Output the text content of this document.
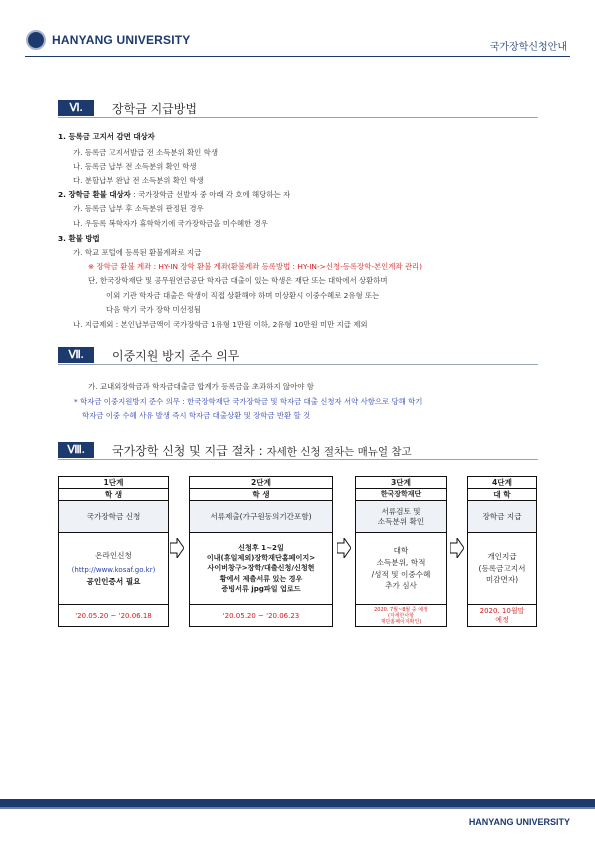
HANYANG UNIVERSITY
국가장학신청안내
Ⅵ.	장학금 지급방법
1. 등록금 고지서 감면 대상자
가. 등록금 고지서발급 전 소득분위 확인 학생
나. 등록금 납부 전 소득분위 확인 학생
다. 분할납부 완납 전 소득분위 확인 학생
2. 장학금 환불 대상자 : 국가장학금 선발자 중 아래 각 호에 해당하는 자
가. 등록금 납부 후 소득분위 판정된 경우
나. 우등록 복학자가 휴학학기에 국가장학금을 미수혜한 경우
3. 환불 방법
가. 학교 포털에 등록된 환불계좌로 지급
※ 장학금 환불 계좌 : HY-IN 장학 환불 계좌(환불계좌 등록방법 : HY-IN->신청-등록장학-본인계좌 관리)
단, 한국장학재단 및 공무원연금공단 학자금 대출이 있는 학생은 재단 또는 대학에서 상환하며
이외 기관 학자금 대출은 학생이 직접 상환해야 하며 미상환시 이중수혜로 2유형 또는
다음 학기 국가 장학 미선정됨
나. 지급제외 : 본인납부금액이 국가장학금 1유형 1만원 이하, 2유형 10만원 미만 지급 제외
Ⅶ.	이중지원 방지 준수 의무
가. 교내외장학금과 학자금대출금 합계가 등록금을 초과하지 않아야 함
* 학자금 이중지원방지 준수 의무 : 한국장학재단 국가장학금 및 학자금 대출 신청자 서약 사항으로 당해 학기
학자금 이중 수혜 사유 발생 즉시 학자금 대출상환 및 장학금 반환 할 것
Ⅷ.	국가장학 신청 및 지급 절차 : 자세한 신청 절차는 매뉴얼 참고
1단계
학 생
국가장학금 신청
온라인신청
(http://www.kosaf.go.kr)
공인인증서 필요
'20.05.20 ~ '20.06.18
2단계
학 생
서류제출(가구원동의기간포함)
신청후 1~2일
이내(휴일제외)장학재단홈페이지>
사이버창구>장학/대출신청/신청현
황에서 제출서류 있는 경우
증빙서류 jpg파일 업로드
'20.05.20 ~ '20.06.23
3단계
한국장학재단
서류검토 및
소득분위 확인
대학
소득분위, 학적
/성적 및 이중수혜
추가 심사
2020. 7월~8월 중 예정
(자세한사항
재단홈페이지확인)
4단계
대 학
장학금 지급
개인지급
(등록금고지서
미감면자)
2020. 10월말
예정
HANYANG UNIVERSITY
